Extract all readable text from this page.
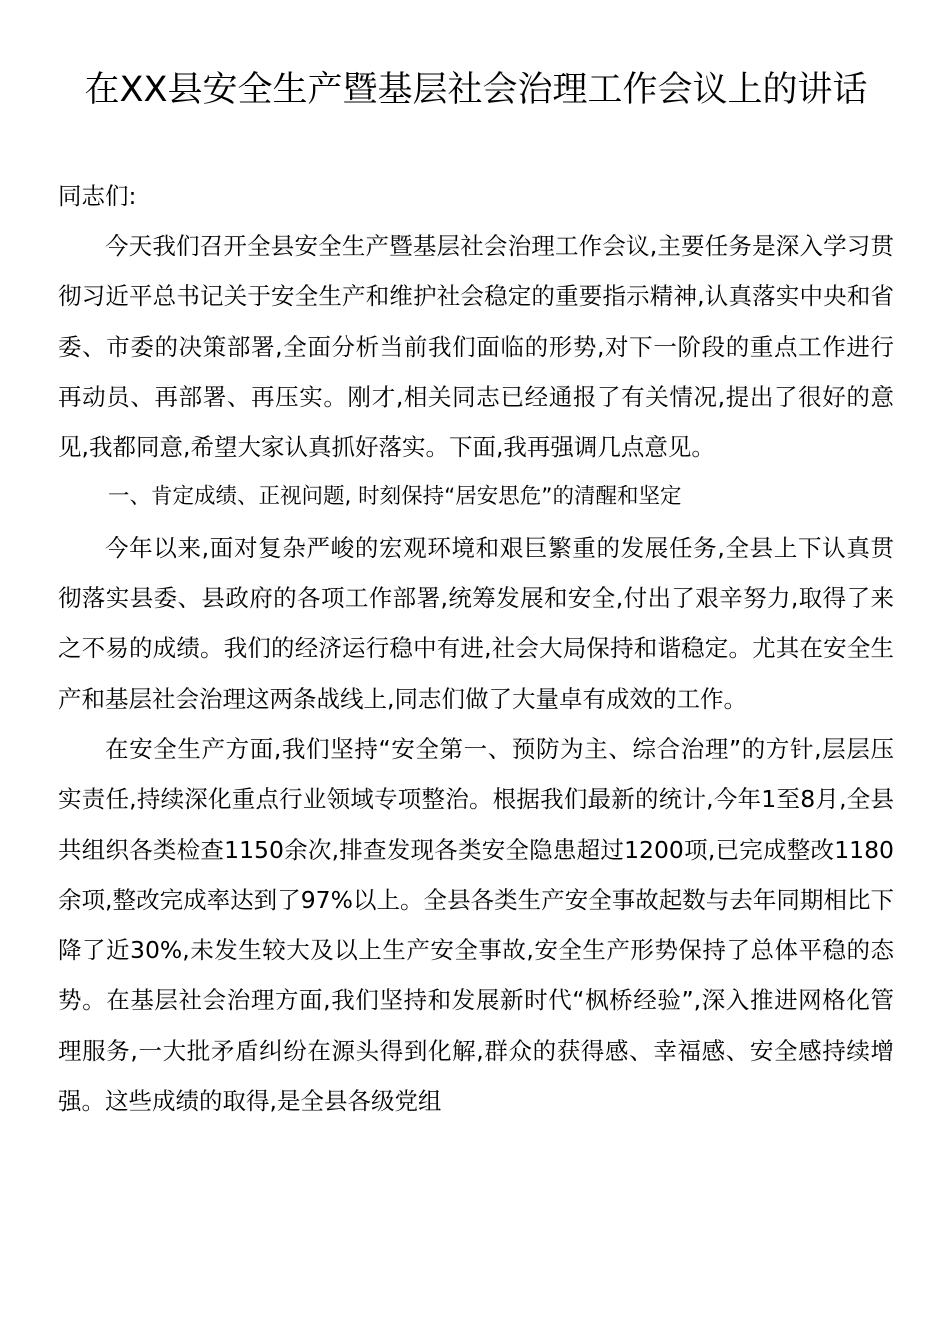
在XX县安全生产暨基层社会治理工作会议上的讲话

同志们:

今天我们召开全县安全生产暨基层社会治理工作会议,主要任务是深入学习贯彻习近平总书记关于安全生产和维护社会稳定的重要指示精神,认真落实中央和省委、市委的决策部署,全面分析当前我们面临的形势,对下一阶段的重点工作进行再动员、再部署、再压实。刚才,相关同志已经通报了有关情况,提出了很好的意见,我都同意,希望大家认真抓好落实。下面,我再强调几点意见。

一、肯定成绩、正视问题, 时刻保持“居安思危”的清醒和坚定

今年以来,面对复杂严峻的宏观环境和艰巨繁重的发展任务,全县上下认真贯彻落实县委、县政府的各项工作部署,统筹发展和安全,付出了艰辛努力,取得了来之不易的成绩。我们的经济运行稳中有进,社会大局保持和谐稳定。尤其在安全生产和基层社会治理这两条战线上,同志们做了大量卓有成效的工作。

在安全生产方面,我们坚持“安全第一、预防为主、综合治理”的方针,层层压实责任,持续深化重点行业领域专项整治。根据我们最新的统计,今年1至8月,全县共组织各类检查1150余次,排查发现各类安全隐患超过1200项,已完成整改1180余项,整改完成率达到了97%以上。全县各类生产安全事故起数与去年同期相比下降了近30%,未发生较大及以上生产安全事故,安全生产形势保持了总体平稳的态势。在基层社会治理方面,我们坚持和发展新时代“枫桥经验”,深入推进网格化管理服务,一大批矛盾纠纷在源头得到化解,群众的获得感、幸福感、安全感持续增强。这些成绩的取得,是全县各级党组
